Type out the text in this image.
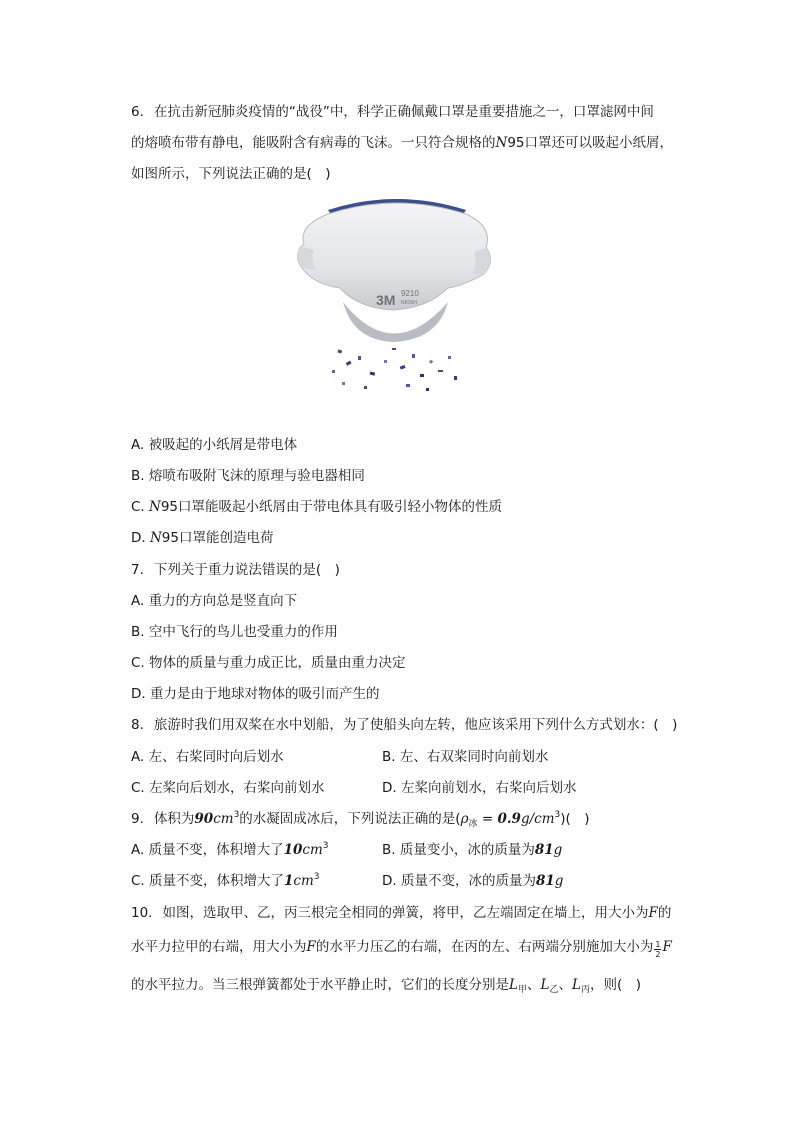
6. 在抗击新冠肺炎疫情的“战役”中，科学正确佩戴口罩是重要措施之一，口罩滤网中间
的熔喷布带有静电，能吸附含有病毒的飞沫。一只符合规格的N95口罩还可以吸起小纸屑，
如图所示，下列说法正确的是(　)
3M 9210
NIOSH
A. 被吸起的小纸屑是带电体
B. 熔喷布吸附飞沫的原理与验电器相同
C. N95口罩能吸起小纸屑由于带电体具有吸引轻小物体的性质
D. N95口罩能创造电荷
7. 下列关于重力说法错误的是(　)
A. 重力的方向总是竖直向下
B. 空中飞行的鸟儿也受重力的作用
C. 物体的质量与重力成正比，质量由重力决定
D. 重力是由于地球对物体的吸引而产生的
8. 旅游时我们用双桨在水中划船，为了使船头向左转，他应该采用下列什么方式划水：(　)
A. 左、右桨同时向后划水	B. 左、右双桨同时向前划水
C. 左桨向后划水，右桨向前划水	D. 左桨向前划水，右桨向后划水
9. 体积为$90cm^3$的水凝固成冰后，下列说法正确的是$(\rho_冰 = 0.9g/cm^3)$(　)
A. 质量不变，体积增大了$10cm^3$	B. 质量变小，冰的质量为81g
C. 质量不变，体积增大了$1cm^3$	D. 质量不变，冰的质量为81g
10. 如图，选取甲、乙，丙三根完全相同的弹簧，将甲，乙左端固定在墙上，用大小为F的
水平力拉甲的右端，用大小为F的水平力压乙的右端，在丙的左、右两端分别施加大小为 $\frac{1}{2}$ F
的水平拉力。当三根弹簧都处于水平静止时，它们的长度分别是$L_甲$、$L_乙$、$L_丙$，则(　)
